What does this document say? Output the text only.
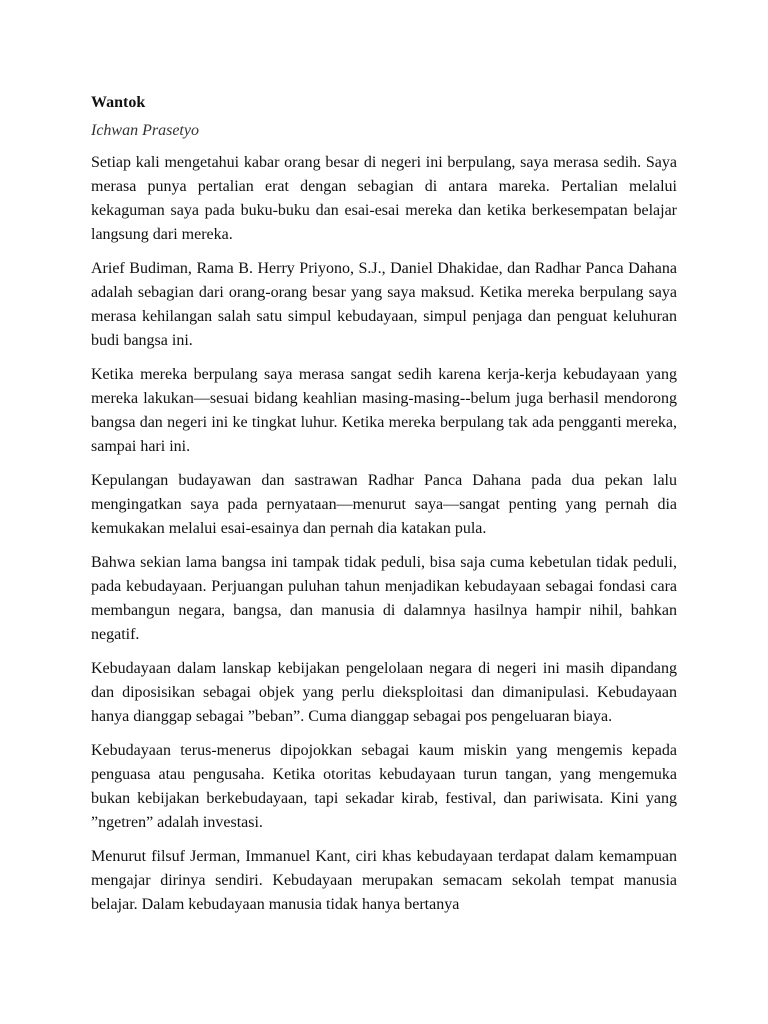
Wantok
Ichwan Prasetyo

Setiap kali mengetahui kabar orang besar di negeri ini berpulang, saya merasa sedih. Saya merasa punya pertalian erat dengan sebagian di antara mareka. Pertalian melalui kekaguman saya pada buku-buku dan esai-esai mereka dan ketika berkesempatan belajar langsung dari mereka.

Arief Budiman, Rama B. Herry Priyono, S.J., Daniel Dhakidae, dan Radhar Panca Dahana adalah sebagian dari orang-orang besar yang saya maksud. Ketika mereka berpulang saya merasa kehilangan salah satu simpul kebudayaan, simpul penjaga dan penguat keluhuran budi bangsa ini.

Ketika mereka berpulang saya merasa sangat sedih karena kerja-kerja kebudayaan yang mereka lakukan—sesuai bidang keahlian masing-masing--belum juga berhasil mendorong bangsa dan negeri ini ke tingkat luhur. Ketika mereka berpulang tak ada pengganti mereka, sampai hari ini.

Kepulangan budayawan dan sastrawan Radhar Panca Dahana pada dua pekan lalu mengingatkan saya pada pernyataan—menurut saya—sangat penting yang pernah dia kemukakan melalui esai-esainya dan pernah dia katakan pula.

Bahwa sekian lama bangsa ini tampak tidak peduli, bisa saja cuma kebetulan tidak peduli, pada kebudayaan. Perjuangan puluhan tahun menjadikan kebudayaan sebagai fondasi cara membangun negara, bangsa, dan manusia di dalamnya hasilnya hampir nihil, bahkan negatif.

Kebudayaan dalam lanskap kebijakan pengelolaan negara di negeri ini masih dipandang dan diposisikan sebagai objek yang perlu dieksploitasi dan dimanipulasi. Kebudayaan hanya dianggap sebagai ”beban”. Cuma dianggap sebagai pos pengeluaran biaya.

Kebudayaan terus-menerus dipojokkan sebagai kaum miskin yang mengemis kepada penguasa atau pengusaha. Ketika otoritas kebudayaan turun tangan, yang mengemuka bukan kebijakan berkebudayaan, tapi sekadar kirab, festival, dan pariwisata. Kini yang ”ngetren” adalah investasi.

Menurut filsuf Jerman, Immanuel Kant, ciri khas kebudayaan terdapat dalam kemampuan mengajar dirinya sendiri. Kebudayaan merupakan semacam sekolah tempat manusia belajar. Dalam kebudayaan manusia tidak hanya bertanya
